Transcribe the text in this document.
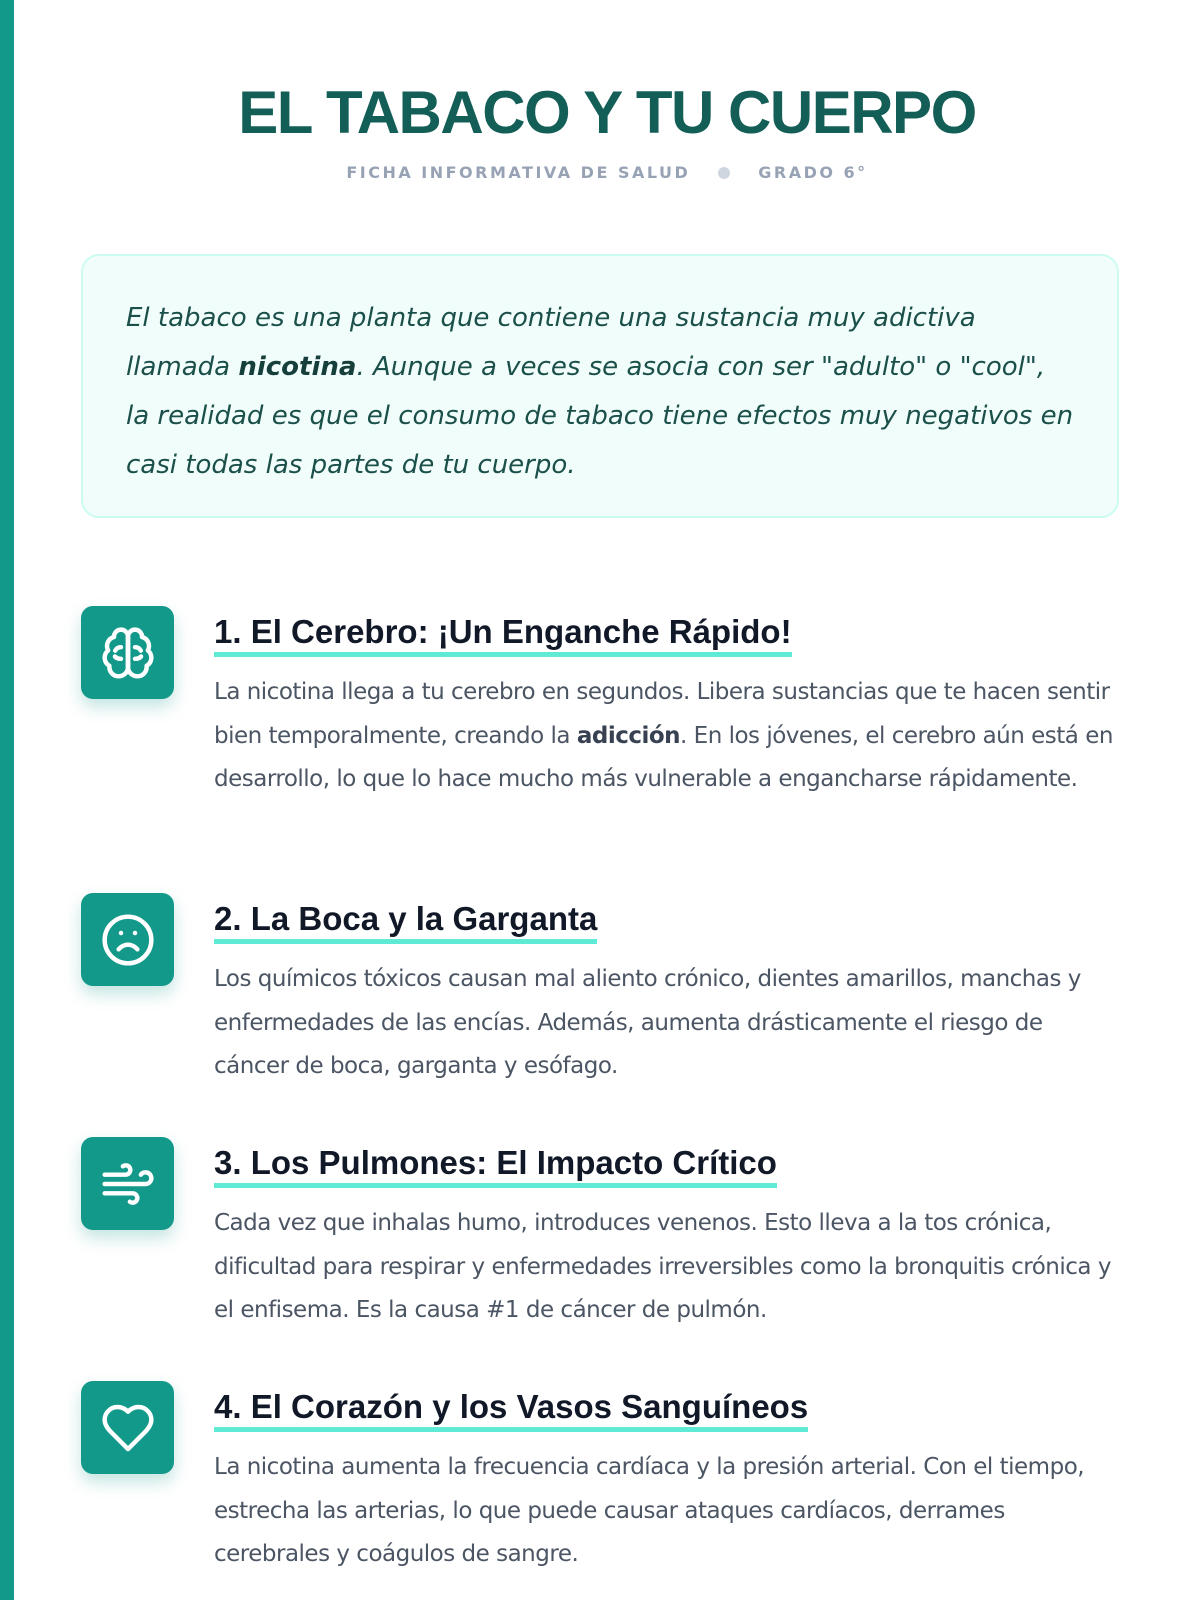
EL TABACO Y TU CUERPO
FICHA INFORMATIVA DE SALUD	GRADO 6°

El tabaco es una planta que contiene una sustancia muy adictiva llamada nicotina. Aunque a veces se asocia con ser "adulto" o "cool", la realidad es que el consumo de tabaco tiene efectos muy negativos en casi todas las partes de tu cuerpo.

1. El Cerebro: ¡Un Enganche Rápido!

La nicotina llega a tu cerebro en segundos. Libera sustancias que te hacen sentir bien temporalmente, creando la adicción. En los jóvenes, el cerebro aún está en desarrollo, lo que lo hace mucho más vulnerable a engancharse rápidamente.

2. La Boca y la Garganta

Los químicos tóxicos causan mal aliento crónico, dientes amarillos, manchas y enfermedades de las encías. Además, aumenta drásticamente el riesgo de cáncer de boca, garganta y esófago.

3. Los Pulmones: El Impacto Crítico

Cada vez que inhalas humo, introduces venenos. Esto lleva a la tos crónica, dificultad para respirar y enfermedades irreversibles como la bronquitis crónica y el enfisema. Es la causa #1 de cáncer de pulmón.

4. El Corazón y los Vasos Sanguíneos

La nicotina aumenta la frecuencia cardíaca y la presión arterial. Con el tiempo, estrecha las arterias, lo que puede causar ataques cardíacos, derrames cerebrales y coágulos de sangre.
